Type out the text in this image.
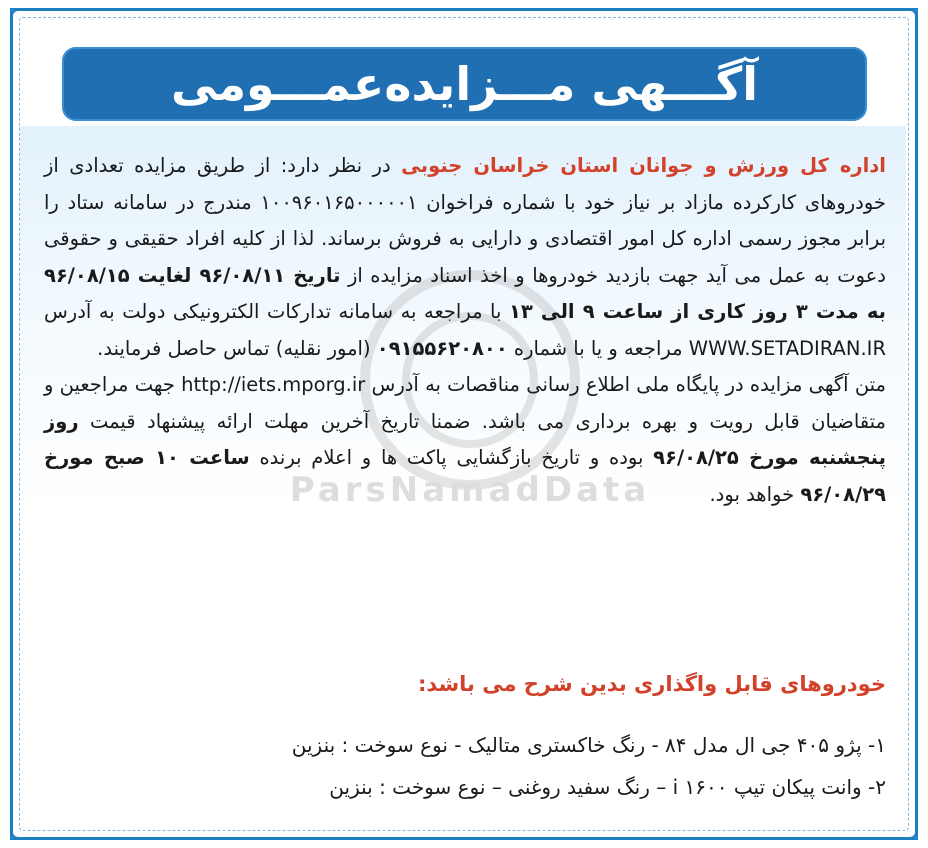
آگـــهی مـــزایده‌عمـــومی
ParsNamadData

اداره کل ورزش و جوانان استان خراسان جنوبی در نظر دارد: از طریق مزایده تعدادی از خودروهای کارکرده مازاد بر نیاز خود با شماره فراخوان ۱۰۰۹۶۰۱۶۵۰۰۰۰۰۱ مندرج در سامانه ستاد را برابر مجوز رسمی اداره کل امور اقتصادی و دارایی به فروش برساند. لذا از کلیه افراد حقیقی و حقوقی دعوت به عمل می آید جهت بازدید خودروها و اخذ اسناد مزایده از تاریخ ۹۶/۰۸/۱۱ لغایت ۹۶/۰۸/۱۵ به مدت ۳ روز کاری از ساعت ۹ الی ۱۳ با مراجعه به سامانه تدارکات الکترونیکی دولت به آدرس WWW.SETADIRAN.IR مراجعه و یا با شماره ۰۹۱۵۵۶۲۰۸۰۰ (امور نقلیه) تماس حاصل فرمایند.

متن آگهی مزایده در پایگاه ملی اطلاع رسانی مناقصات به آدرس http://iets.mporg.ir جهت مراجعین و متقاضیان قابل رویت و بهره برداری می باشد. ضمنا تاریخ آخرین مهلت ارائه پیشنهاد قیمت روز پنجشنبه مورخ ۹۶/۰۸/۲۵ بوده و تاریخ بازگشایی پاکت ها و اعلام برنده ساعت ۱۰ صبح مورخ ۹۶/۰۸/۲۹ خواهد بود.

خودروهای قابل واگذاری بدین شرح می باشد:
۱- پژو ۴۰۵ جی ال مدل ۸۴ - رنگ خاکستری متالیک - نوع سوخت : بنزین
۲- وانت پیکان تیپ i ۱۶۰۰ – رنگ سفید روغنی – نوع سوخت : بنزین
